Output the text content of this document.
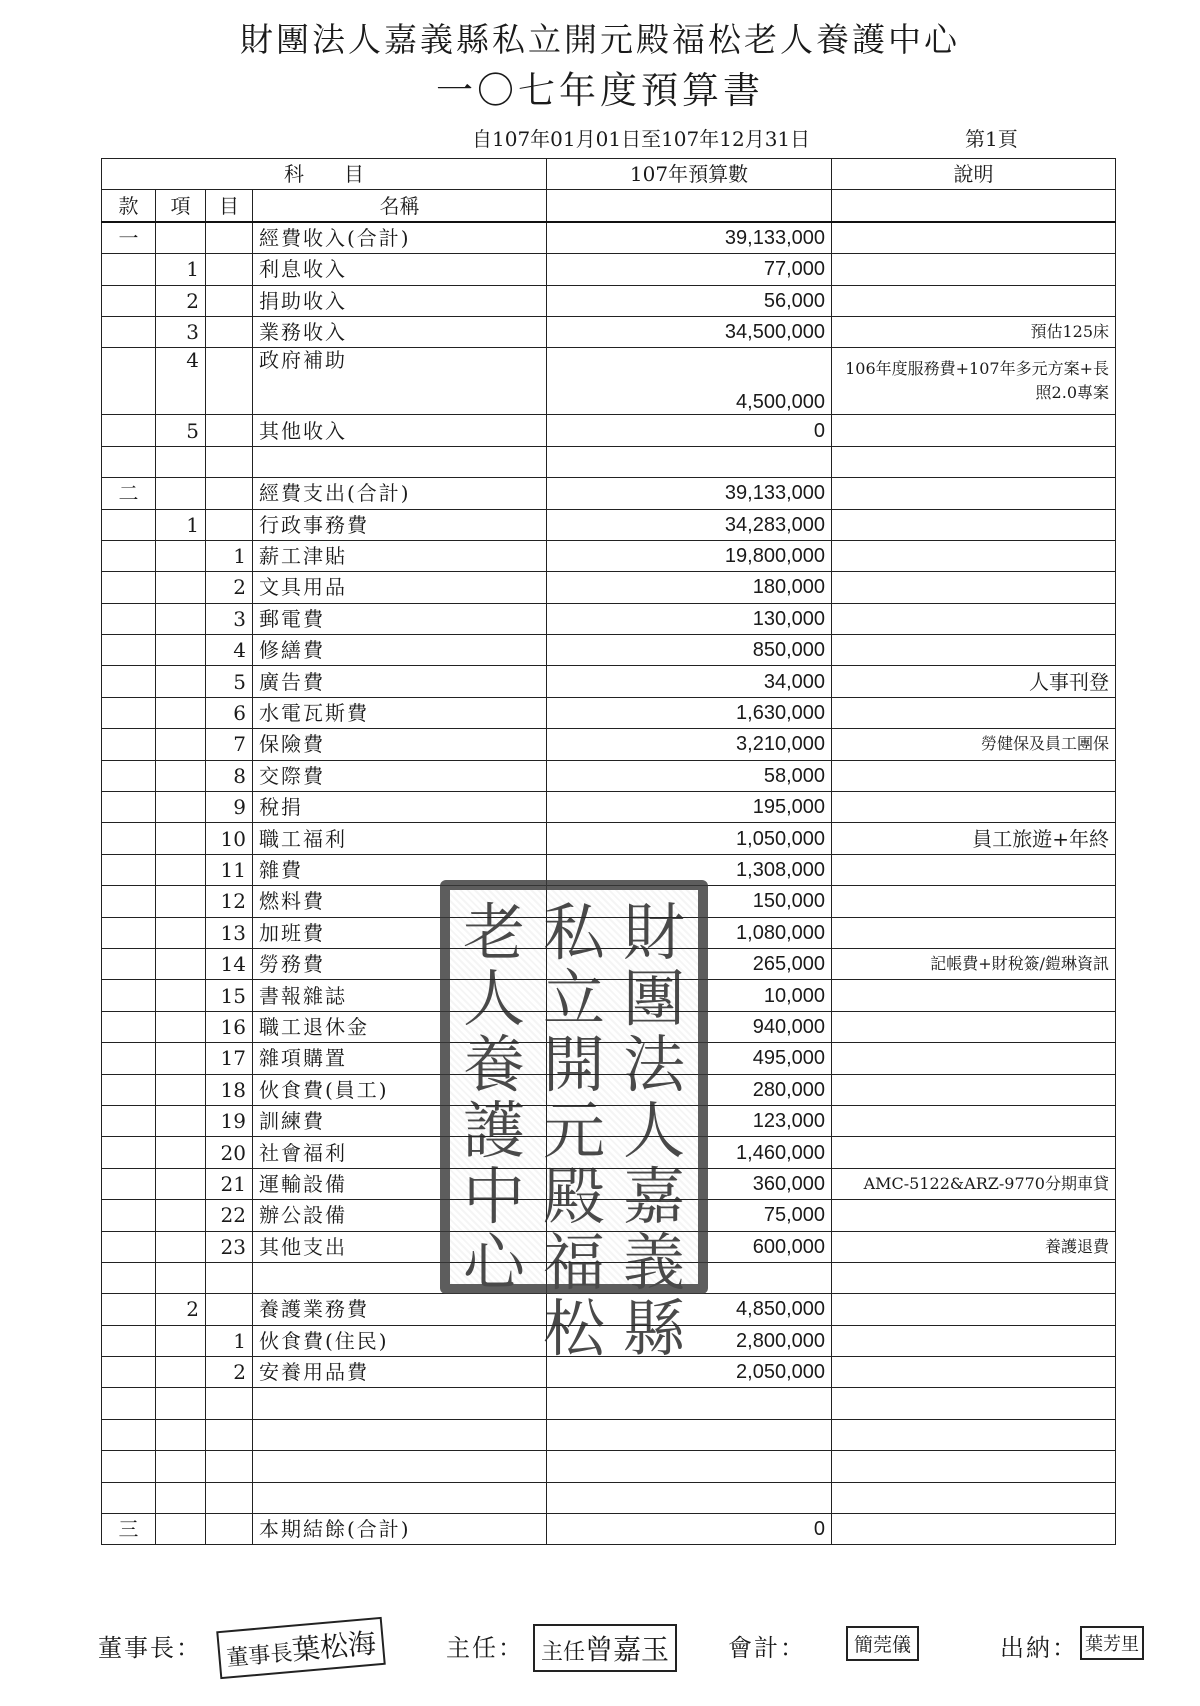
財團法人嘉義縣私立開元殿福松老人養護中心
一〇七年度預算書
自107年01月01日至107年12月31日	第1頁
科　　目				107年預算數	說明
款	項	目	名稱		
一			經費收入(合計)	39,133,000	
	1		利息收入	77,000	
	2		捐助收入	56,000	
	3		業務收入	34,500,000	預估125床
	4		政府補助	4,500,000	106年度服務費+107年多元方案+長照2.0專案
	5		其他收入	0	

二			經費支出(合計)	39,133,000	
	1		行政事務費	34,283,000	
		1	薪工津貼	19,800,000	
		2	文具用品	180,000	
		3	郵電費	130,000	
		4	修繕費	850,000	
		5	廣告費	34,000	人事刊登
		6	水電瓦斯費	1,630,000	
		7	保險費	3,210,000	勞健保及員工團保
		8	交際費	58,000	
		9	稅捐	195,000	
		10	職工福利	1,050,000	員工旅遊+年終
		11	雜費	1,308,000	
		12	燃料費	150,000	
		13	加班費	1,080,000	
		14	勞務費	265,000	記帳費+財稅簽/鎧琳資訊
		15	書報雜誌	10,000	
		16	職工退休金	940,000	
		17	雜項購置	495,000	
		18	伙食費(員工)	280,000	
		19	訓練費	123,000	
		20	社會福利	1,460,000	
		21	運輸設備	360,000	AMC-5122&ARZ-9770分期車貸
		22	辦公設備	75,000	
		23	其他支出	600,000	養護退費

	2		養護業務費	4,850,000	
		1	伙食費(住民)	2,800,000	
		2	安養用品費	2,050,000	

三			本期結餘(合計)	0	
財
團
法
人
嘉
義
縣
私
立
開
元
殿
福
松
老
人
養
護
中
心
董事長：	董事長葉松海	主任： 主任曾嘉玉	會計：	簡莞儀	出納： 葉芳里
